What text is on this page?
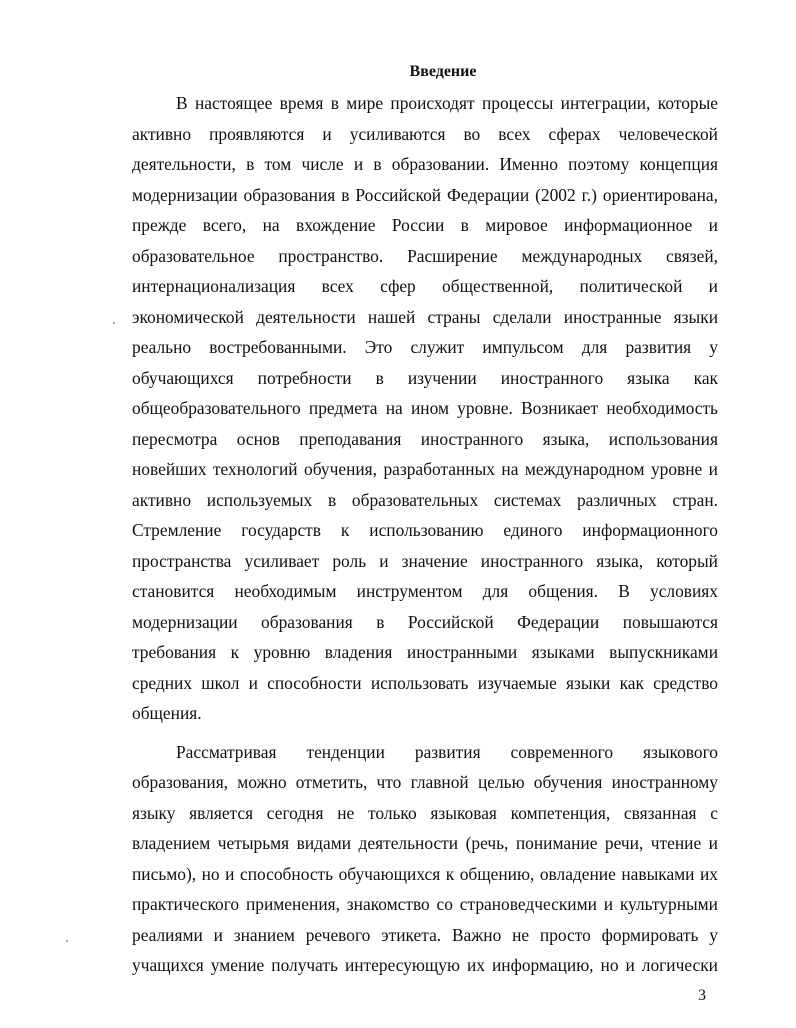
Введение
В настоящее время в мире происходят процессы интеграции, которые
активно проявляются и усиливаются во всех сферах человеческой
деятельности, в том числе и в образовании. Именно поэтому концепция
модернизации образования в Российской Федерации (2002 г.) ориентирована,
прежде всего, на вхождение России в мировое информационное и
образовательное пространство. Расширение международных связей,
интернационализация всех сфер общественной, политической и
экономической деятельности нашей страны сделали иностранные языки
реально востребованными. Это служит импульсом для развития у
обучающихся потребности в изучении иностранного языка как
общеобразовательного предмета на ином уровне. Возникает необходимость
пересмотра основ преподавания иностранного языка, использования
новейших технологий обучения, разработанных на международном уровне и
активно используемых в образовательных системах различных стран.
Стремление государств к использованию единого информационного
пространства усиливает роль и значение иностранного языка, который
становится необходимым инструментом для общения. В условиях
модернизации образования в Российской Федерации повышаются
требования к уровню владения иностранными языками выпускниками
средних школ и способности использовать изучаемые языки как средство
общения.
Рассматривая тенденции развития современного языкового
образования, можно отметить, что главной целью обучения иностранному
языку является сегодня не только языковая компетенция, связанная с
владением четырьмя видами деятельности (речь, понимание речи, чтение и
письмо), но и способность обучающихся к общению, овладение навыками их
практического применения, знакомство со страноведческими и культурными
реалиями и знанием речевого этикета. Важно не просто формировать у
учащихся умение получать интересующую их информацию, но и логически
3
